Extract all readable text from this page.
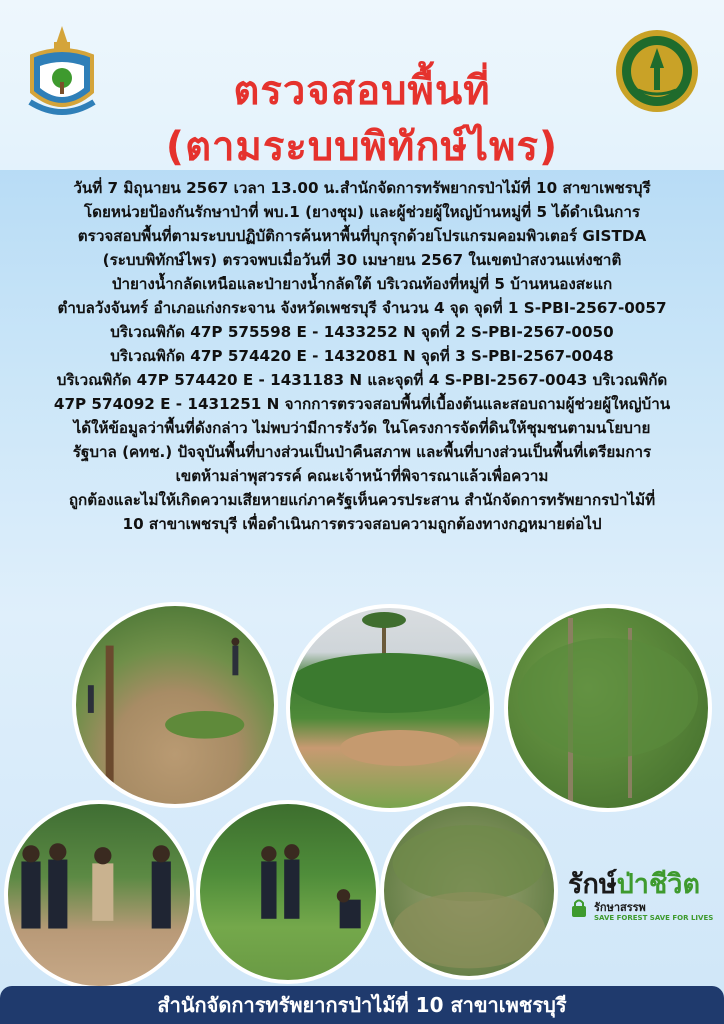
ตรวจสอบพื้นที่
(ตามระบบพิทักษ์ไพร)
วันที่ 7 มิถุนายน 2567 เวลา 13.00 น.สำนักจัดการทรัพยากรป่าไม้ที่ 10 สาขาเพชรบุรี
โดยหน่วยป้องกันรักษาป่าที่ พบ.1 (ยางชุม) และผู้ช่วยผู้ใหญ่บ้านหมู่ที่ 5 ได้ดำเนินการ
ตรวจสอบพื้นที่ตามระบบปฏิบัติการค้นหาพื้นที่บุกรุกด้วยโปรแกรมคอมพิวเตอร์ GISTDA
(ระบบพิทักษ์ไพร) ตรวจพบเมื่อวันที่ 30 เมษายน 2567 ในเขตป่าสงวนแห่งชาติ
ป่ายางน้ำกลัดเหนือและป่ายางน้ำกลัดใต้ บริเวณท้องที่หมู่ที่ 5 บ้านหนองสะแก
ตำบลวังจันทร์ อำเภอแก่งกระจาน จังหวัดเพชรบุรี จำนวน 4 จุด จุดที่ 1 S-PBI-2567-0057
บริเวณพิกัด 47P 575598 E - 1433252 N จุดที่ 2 S-PBI-2567-0050
บริเวณพิกัด 47P 574420 E - 1432081 N จุดที่ 3 S-PBI-2567-0048
บริเวณพิกัด 47P 574420 E - 1431183 N และจุดที่ 4 S-PBI-2567-0043 บริเวณพิกัด
47P 574092 E - 1431251 N จากการตรวจสอบพื้นที่เบื้องต้นและสอบถามผู้ช่วยผู้ใหญ่บ้าน
ได้ให้ข้อมูลว่าพื้นที่ดังกล่าว ไม่พบว่ามีการรังวัด ในโครงการจัดที่ดินให้ชุมชนตามนโยบาย
รัฐบาล (คทช.) ปัจจุบันพื้นที่บางส่วนเป็นป่าคืนสภาพ และพื้นที่บางส่วนเป็นพื้นที่เตรียมการ
เขตห้ามล่าพุสวรรค์ คณะเจ้าหน้าที่พิจารณาแล้วเพื่อความ
ถูกต้องและไม่ให้เกิดความเสียหายแก่ภาครัฐเห็นควรประสาน สำนักจัดการทรัพยากรป่าไม้ที่
10 สาขาเพชรบุรี เพื่อดำเนินการตรวจสอบความถูกต้องทางกฎหมายต่อไป
รักษ์ป่าชีวิต
รักษาสรรพ
SAVE FOREST SAVE FOR LIVES
สำนักจัดการทรัพยากรป่าไม้ที่ 10 สาขาเพชรบุรี
